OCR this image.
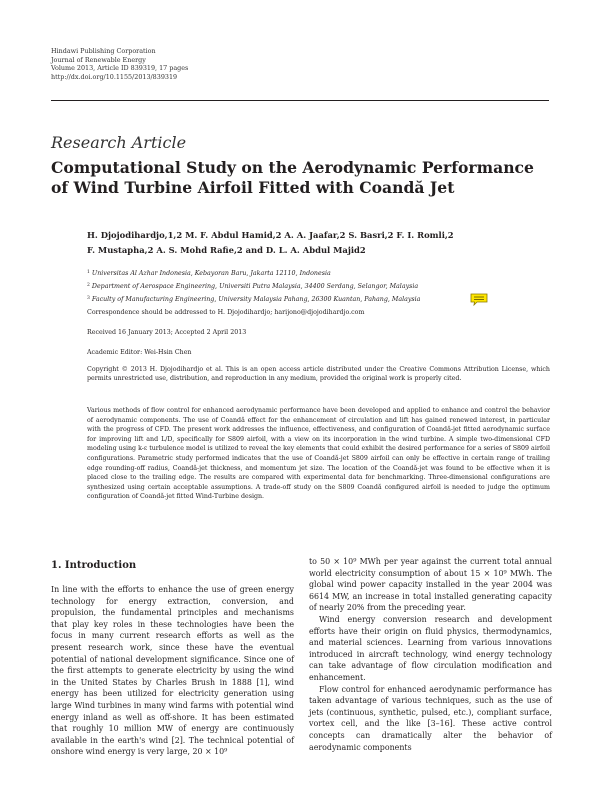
Hindawi Publishing Corporation
Journal of Renewable Energy
Volume 2013, Article ID 839319, 17 pages
http://dx.doi.org/10.1155/2013/839319
Research Article
Computational Study on the Aerodynamic Performance of Wind Turbine Airfoil Fitted with Coandă Jet
H. Djojodihardjo,1,2 M. F. Abdul Hamid,2 A. A. Jaafar,2 S. Basri,2 F. I. Romli,2
F. Mustapha,2 A. S. Mohd Rafie,2 and D. L. A. Abdul Majid2
$^1$ Universitas Al Azhar Indonesia, Kebayoran Baru, Jakarta 12110, Indonesia
$^2$ Department of Aerospace Engineering, Universiti Putra Malaysia, 34400 Serdang, Selangor, Malaysia
$^3$ Faculty of Manufacturing Engineering, University Malaysia Pahang, 26300 Kuantan, Pahang, Malaysia
Correspondence should be addressed to H. Djojodihardjo; harijono@djojodihardjo.com
Received 16 January 2013; Accepted 2 April 2013
Academic Editor: Wei-Hsin Chen
Copyright © 2013 H. Djojodihardjo et al. This is an open access article distributed under the Creative Commons Attribution License, which permits unrestricted use, distribution, and reproduction in any medium, provided the original work is properly cited.
Various methods of flow control for enhanced aerodynamic performance have been developed and applied to enhance and control the behavior of aerodynamic components. The use of Coandă effect for the enhancement of circulation and lift has gained renewed interest, in particular with the progress of CFD. The present work addresses the influence, effectiveness, and configuration of Coandă-jet fitted aerodynamic surface for improving lift and L/D, specifically for S809 airfoil, with a view on its incorporation in the wind turbine. A simple two-dimensional CFD modeling using k-ε turbulence model is utilized to reveal the key elements that could exhibit the desired performance for a series of S809 airfoil configurations. Parametric study performed indicates that the use of Coandă-jet S809 airfoil can only be effective in certain range of trailing edge rounding-off radius, Coandă-jet thickness, and momentum jet size. The location of the Coandă-jet was found to be effective when it is placed close to the trailing edge. The results are compared with experimental data for benchmarking. Three-dimensional configurations are synthesized using certain acceptable assumptions. A trade-off study on the S809 Coandă configured airfoil is needed to judge the optimum configuration of Coandă-jet fitted Wind-Turbine design.
1. Introduction

In line with the efforts to enhance the use of green energy technology for energy extraction, conversion, and propulsion, the fundamental principles and mechanisms that play key roles in these technologies have been the focus in many current research efforts as well as the present research work, since these have the eventual potential of national development significance. Since one of the first attempts to generate electricity by using the wind in the United States by Charles Brush in 1888 [1], wind energy has been utilized for electricity generation using large Wind turbines in many wind farms with potential wind energy inland as well as off-shore. It has been estimated that roughly 10 million MW of energy are continuously available in the earth's wind [2]. The technical potential of onshore wind energy is very large, 20 × 10⁹

to 50 × 10⁹ MWh per year against the current total annual world electricity consumption of about 15 × 10⁹ MWh. The global wind power capacity installed in the year 2004 was 6614 MW, an increase in total installed generating capacity of nearly 20% from the preceding year.

Wind energy conversion research and development efforts have their origin on fluid physics, thermodynamics, and material sciences. Learning from various innovations introduced in aircraft technology, wind energy technology can take advantage of flow circulation modification and enhancement.

Flow control for enhanced aerodynamic performance has taken advantage of various techniques, such as the use of jets (continuous, synthetic, pulsed, etc.), compliant surface, vortex cell, and the like [3–16]. These active control concepts can dramatically alter the behavior of aerodynamic components
